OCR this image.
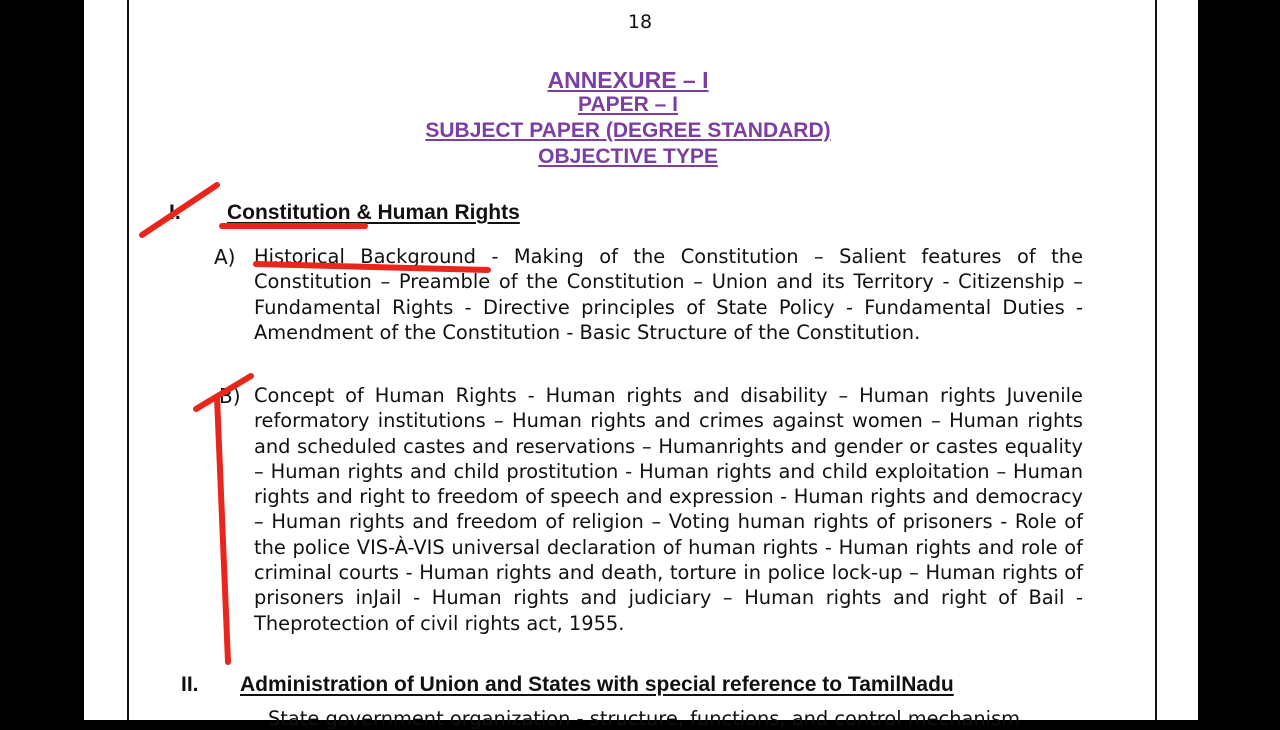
18
ANNEXURE – I
PAPER – I
SUBJECT PAPER (DEGREE STANDARD)
OBJECTIVE TYPE
I. Constitution & Human Rights
A) Historical Background - Making of the Constitution – Salient features of the Constitution – Preamble of the Constitution – Union and its Territory - Citizenship – Fundamental Rights - Directive principles of State Policy - Fundamental Duties - Amendment of the Constitution - Basic Structure of the Constitution.

B) Concept of Human Rights - Human rights and disability – Human rights Juvenile reformatory institutions – Human rights and crimes against women – Human rights and scheduled castes and reservations – Humanrights and gender or castes equality – Human rights and child prostitution - Human rights and child exploitation – Human rights and right to freedom of speech and expression - Human rights and democracy – Human rights and freedom of religion – Voting human rights of prisoners - Role of the police VIS-À-VIS universal declaration of human rights - Human rights and role of criminal courts - Human rights and death, torture in police lock-up – Human rights of prisoners inJail - Human rights and judiciary – Human rights and right of Bail - Theprotection of civil rights act, 1955.

II. Administration of Union and States with special reference to TamilNadu
State government organization - structure, functions, and control mechanism
